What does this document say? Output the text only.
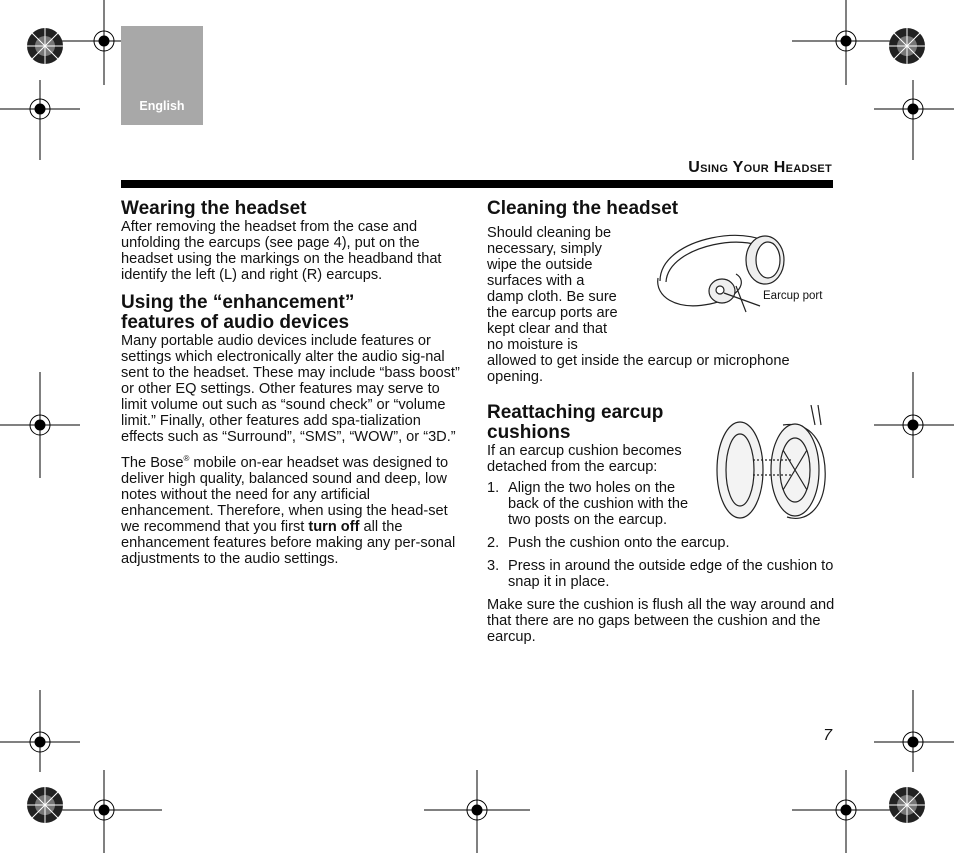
English
Using Your Headset
Wearing the headset

After removing the headset from the case and unfolding the earcups (see page 4), put on the headset using the markings on the headband that identify the left (L) and right (R) earcups.

Using the “enhancement”
features of audio devices

Many portable audio devices include features or settings which electronically alter the audio sig-nal sent to the headset. These may include “bass boost” or other EQ settings. Other features may serve to limit volume out such as “sound check” or “volume limit.” Finally, other features add spa-tialization effects such as “Surround”, “SMS”, “WOW”, or “3D.”

The Bose® mobile on-ear headset was designed to deliver high quality, balanced sound and deep, low notes without the need for any artificial enhancement. Therefore, when using the head-set we recommend that you first turn off all the enhancement features before making any per-sonal adjustments to the audio settings.

Cleaning the headset

Should cleaning be
necessary, simply
wipe the outside
surfaces with a
damp cloth. Be sure
the earcup ports are
kept clear and that
no moisture is
allowed to get inside the earcup or microphone opening.

Reattaching earcup
cushions

If an earcup cushion becomes detached from the earcup:

1. Align the two holes on the back of the cushion with the two posts on the earcup.
2. Push the cushion onto the earcup.
3. Press in around the outside edge of the cushion to snap it in place.

Make sure the cushion is flush all the way around and that there are no gaps between the cushion and the earcup.

Earcup port
7
